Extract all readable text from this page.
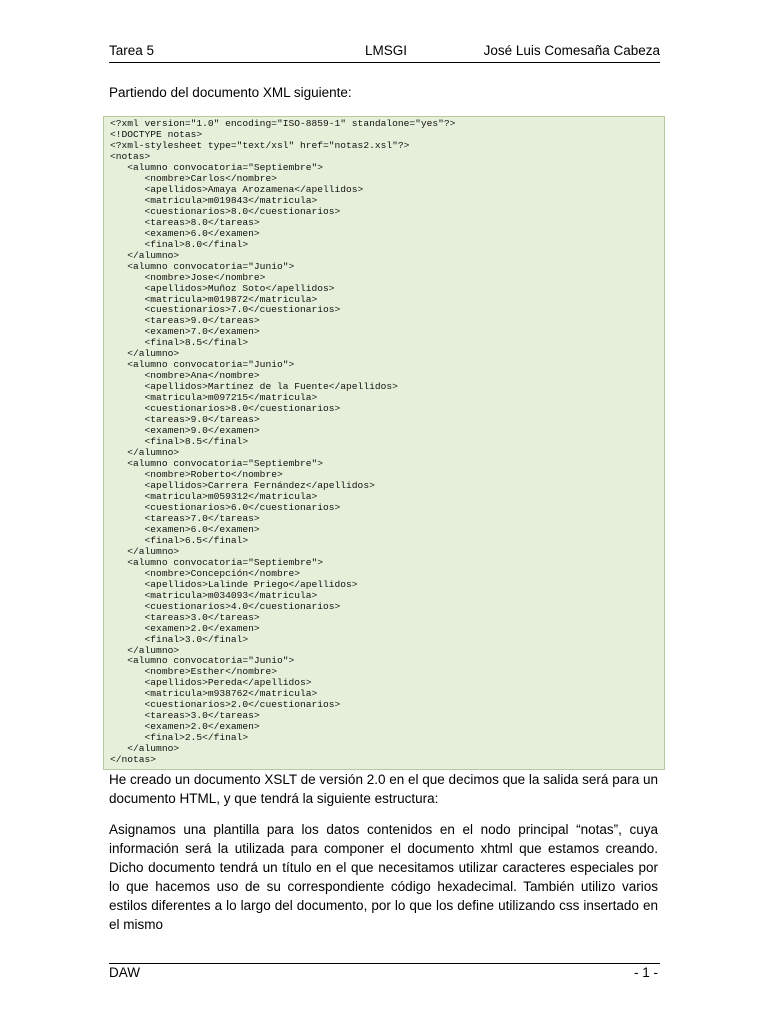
Tarea 5	LMSGI	José Luis Comesaña Cabeza
Partiendo del documento XML siguiente:
<?xml version="1.0" encoding="ISO-8859-1" standalone="yes"?>
<!DOCTYPE notas>
<?xml-stylesheet type="text/xsl" href="notas2.xsl"?>
<notas>
<alumno convocatoria="Septiembre">
<nombre>Carlos</nombre>
<apellidos>Amaya Arozamena</apellidos>
<matricula>m019843</matricula>
<cuestionarios>8.0</cuestionarios>
<tareas>8.0</tareas>
<examen>6.0</examen>
<final>8.0</final>
</alumno>
<alumno convocatoria="Junio">
<nombre>Jose</nombre>
<apellidos>Muñoz Soto</apellidos>
<matricula>m019872</matricula>
<cuestionarios>7.0</cuestionarios>
<tareas>9.0</tareas>
<examen>7.0</examen>
<final>8.5</final>
</alumno>
<alumno convocatoria="Junio">
<nombre>Ana</nombre>
<apellidos>Martínez de la Fuente</apellidos>
<matricula>m097215</matricula>
<cuestionarios>8.0</cuestionarios>
<tareas>9.0</tareas>
<examen>9.0</examen>
<final>8.5</final>
</alumno>
<alumno convocatoria="Septiembre">
<nombre>Roberto</nombre>
<apellidos>Carrera Fernández</apellidos>
<matricula>m059312</matricula>
<cuestionarios>6.0</cuestionarios>
<tareas>7.0</tareas>
<examen>6.0</examen>
<final>6.5</final>
</alumno>
<alumno convocatoria="Septiembre">
<nombre>Concepción</nombre>
<apellidos>Lalinde Priego</apellidos>
<matricula>m034093</matricula>
<cuestionarios>4.0</cuestionarios>
<tareas>3.0</tareas>
<examen>2.0</examen>
<final>3.0</final>
</alumno>
<alumno convocatoria="Junio">
<nombre>Esther</nombre>
<apellidos>Pereda</apellidos>
<matricula>m938762</matricula>
<cuestionarios>2.0</cuestionarios>
<tareas>3.0</tareas>
<examen>2.0</examen>
<final>2.5</final>
</alumno>
</notas>
He creado un documento XSLT de versión 2.0 en el que decimos que la salida será para un documento HTML, y que tendrá la siguiente estructura:
Asignamos una plantilla para los datos contenidos en el nodo principal “notas”, cuya información será la utilizada para componer el documento xhtml que estamos creando. Dicho documento tendrá un título en el que necesitamos utilizar caracteres especiales por lo que hacemos uso de su correspondiente código hexadecimal. También utilizo varios estilos diferentes a lo largo del documento, por lo que los define utilizando css insertado en el mismo
DAW	- 1 -
